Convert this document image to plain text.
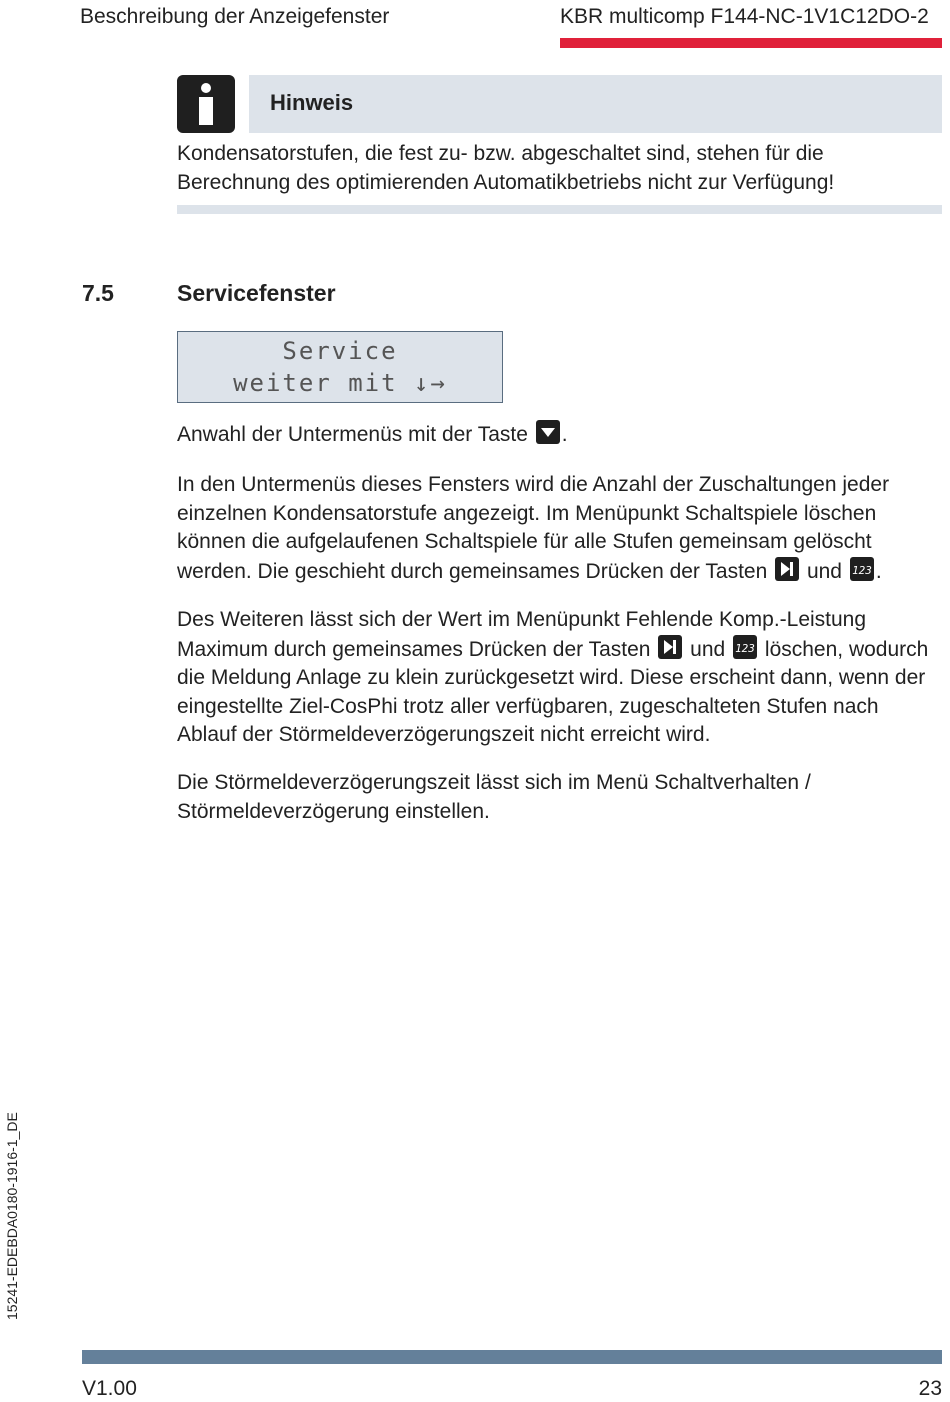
Beschreibung der Anzeigefenster	KBR multicomp F144-NC-1V1C12DO-2
Hinweis
Kondensatorstufen, die fest zu- bzw. abgeschaltet sind, stehen für die Berechnung des optimierenden Automatikbetriebs nicht zur Verfügung!
7.5	Servicefenster
Service
weiter mit ↓→
Anwahl der Untermenüs mit der Taste .
In den Untermenüs dieses Fensters wird die Anzahl der Zuschaltungen jeder einzelnen Kondensatorstufe angezeigt. Im Menüpunkt Schaltspiele löschen können die aufgelaufenen Schaltspiele für alle Stufen gemeinsam gelöscht werden. Die geschieht durch gemeinsames Drücken der Tasten und 123 .
Des Weiteren lässt sich der Wert im Menüpunkt Fehlende Komp.-Leistung Maximum durch gemeinsames Drücken der Tasten und 123 löschen, wodurch die Meldung Anlage zu klein zurückgesetzt wird. Diese erscheint dann, wenn der eingestellte Ziel-CosPhi trotz aller verfügbaren, zugeschalteten Stufen nach Ablauf der Störmeldeverzögerungszeit nicht erreicht wird.
Die Störmeldeverzögerungszeit lässt sich im Menü Schaltverhalten / Störmeldeverzögerung einstellen.
15241-EDEBDA0180-1916-1_DE
V1.00	23
